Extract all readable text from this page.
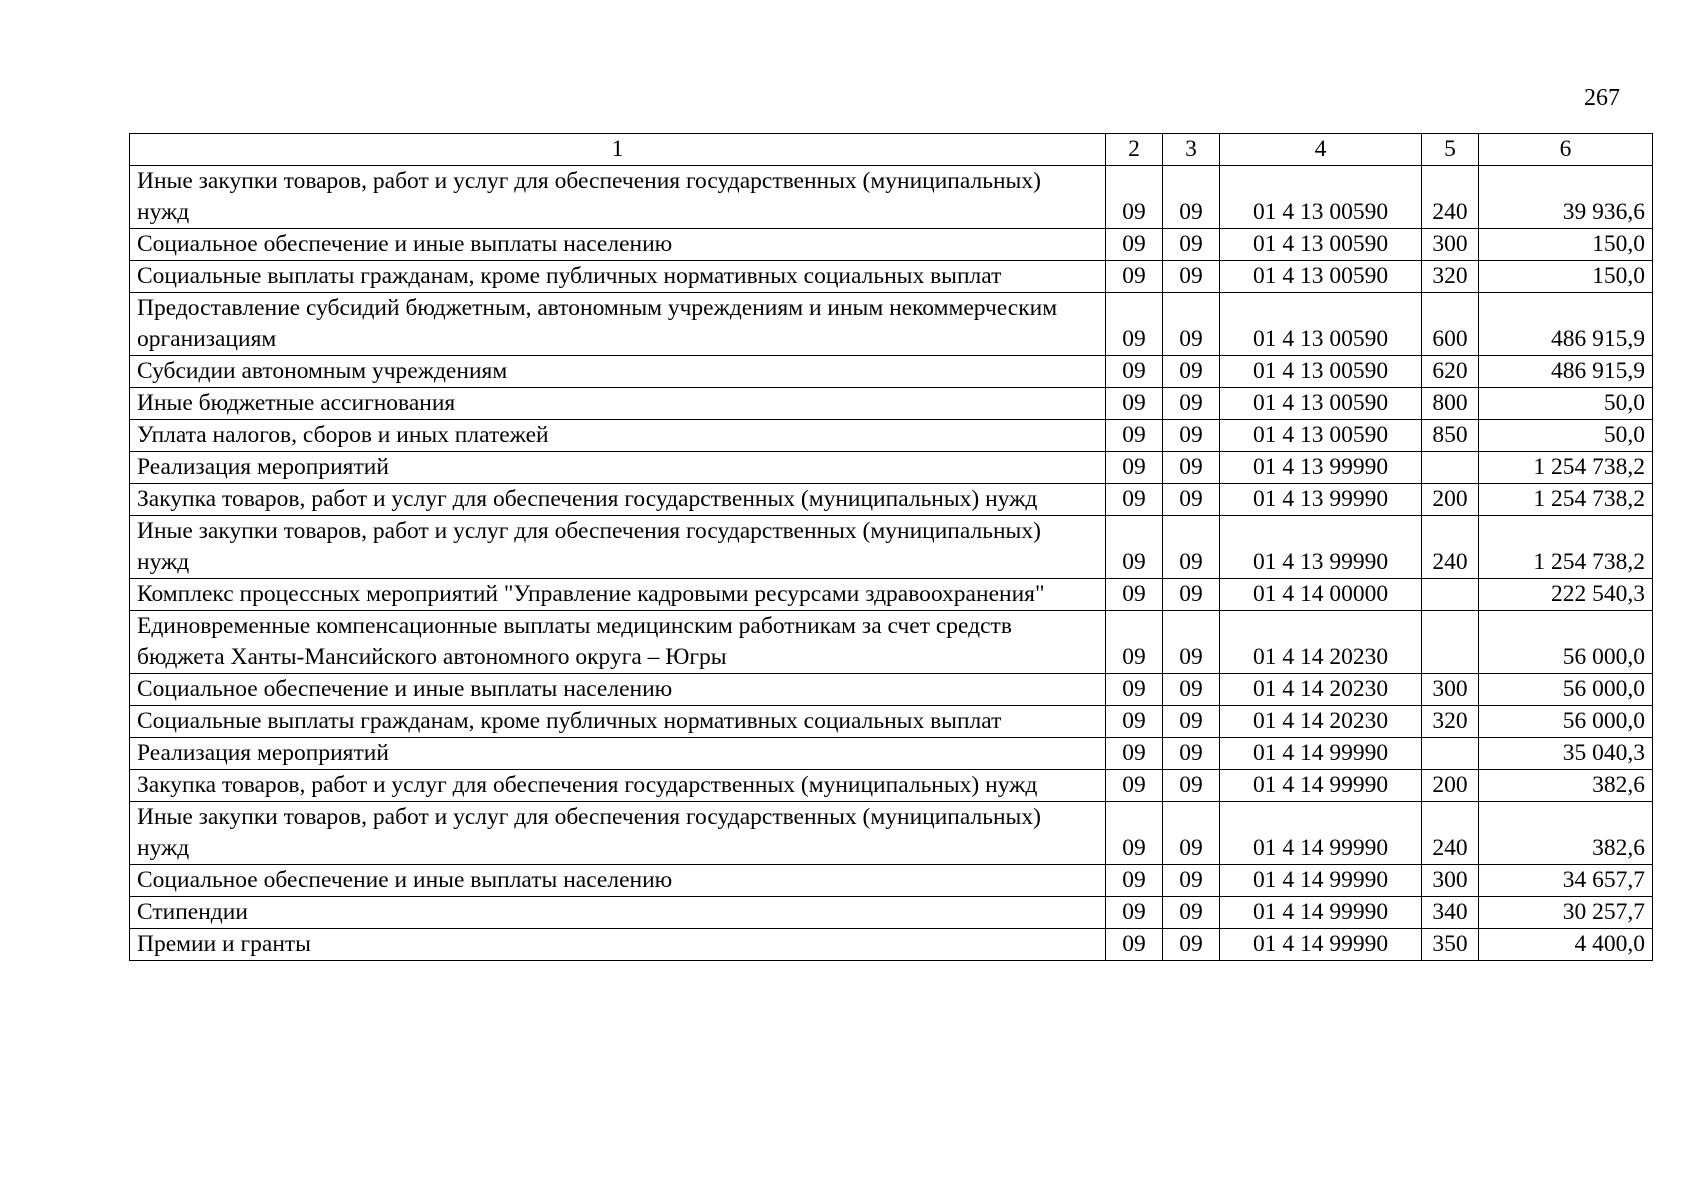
267
1	2	3	4	5	6
Иные закупки товаров, работ и услуг для обеспечения государственных (муниципальных) нужд	09	09	01 4 13 00590	240	39 936,6
Социальное обеспечение и иные выплаты населению	09	09	01 4 13 00590	300	150,0
Социальные выплаты гражданам, кроме публичных нормативных социальных выплат	09	09	01 4 13 00590	320	150,0
Предоставление субсидий бюджетным, автономным учреждениям и иным некоммерческим организациям	09	09	01 4 13 00590	600	486 915,9
Субсидии автономным учреждениям	09	09	01 4 13 00590	620	486 915,9
Иные бюджетные ассигнования	09	09	01 4 13 00590	800	50,0
Уплата налогов, сборов и иных платежей	09	09	01 4 13 00590	850	50,0
Реализация мероприятий	09	09	01 4 13 99990		1 254 738,2
Закупка товаров, работ и услуг для обеспечения государственных (муниципальных) нужд	09	09	01 4 13 99990	200	1 254 738,2
Иные закупки товаров, работ и услуг для обеспечения государственных (муниципальных) нужд	09	09	01 4 13 99990	240	1 254 738,2
Комплекс процессных мероприятий "Управление кадровыми ресурсами здравоохранения"	09	09	01 4 14 00000		222 540,3
Единовременные компенсационные выплаты медицинским работникам за счет средств бюджета Ханты-Мансийского автономного округа – Югры	09	09	01 4 14 20230		56 000,0
Социальное обеспечение и иные выплаты населению	09	09	01 4 14 20230	300	56 000,0
Социальные выплаты гражданам, кроме публичных нормативных социальных выплат	09	09	01 4 14 20230	320	56 000,0
Реализация мероприятий	09	09	01 4 14 99990		35 040,3
Закупка товаров, работ и услуг для обеспечения государственных (муниципальных) нужд	09	09	01 4 14 99990	200	382,6
Иные закупки товаров, работ и услуг для обеспечения государственных (муниципальных) нужд	09	09	01 4 14 99990	240	382,6
Социальное обеспечение и иные выплаты населению	09	09	01 4 14 99990	300	34 657,7
Стипендии	09	09	01 4 14 99990	340	30 257,7
Премии и гранты	09	09	01 4 14 99990	350	4 400,0
